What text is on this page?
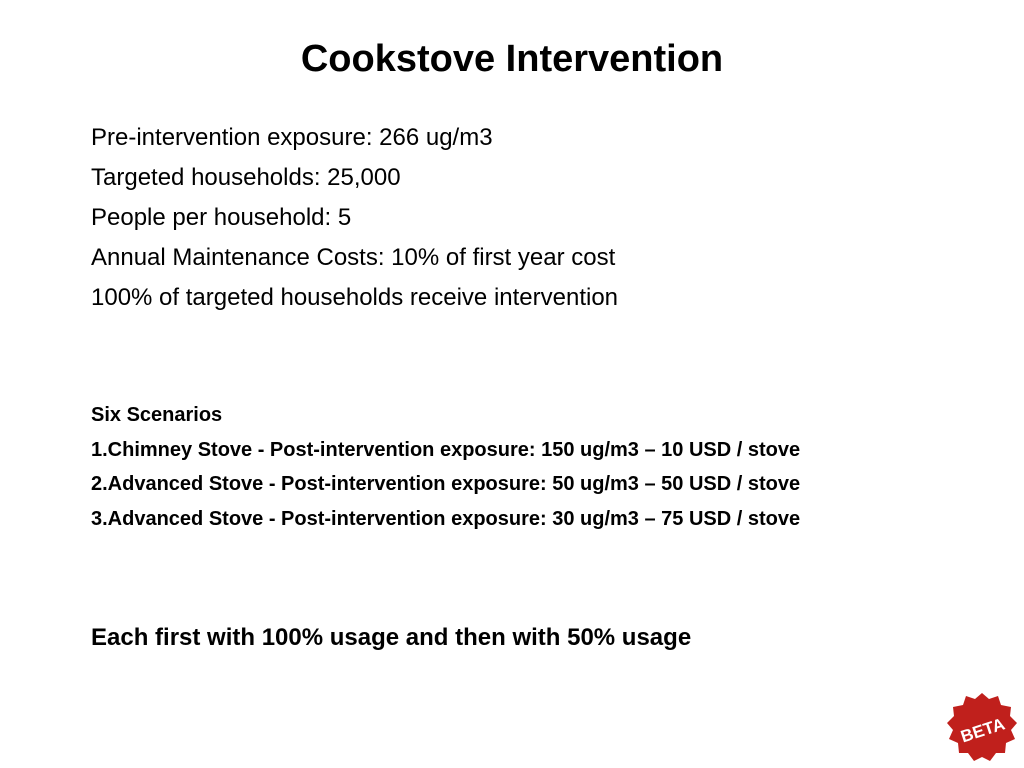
Cookstove Intervention
Pre-intervention exposure: 266 ug/m3
Targeted households: 25,000
People per household: 5
Annual Maintenance Costs: 10% of first year cost
100% of targeted households receive intervention
Six Scenarios
1.Chimney Stove - Post-intervention exposure: 150 ug/m3 – 10 USD / stove
2.Advanced Stove - Post-intervention exposure: 50 ug/m3 – 50 USD / stove
3.Advanced Stove - Post-intervention exposure: 30 ug/m3 – 75 USD / stove
Each first with 100% usage and then with 50% usage
BETA
